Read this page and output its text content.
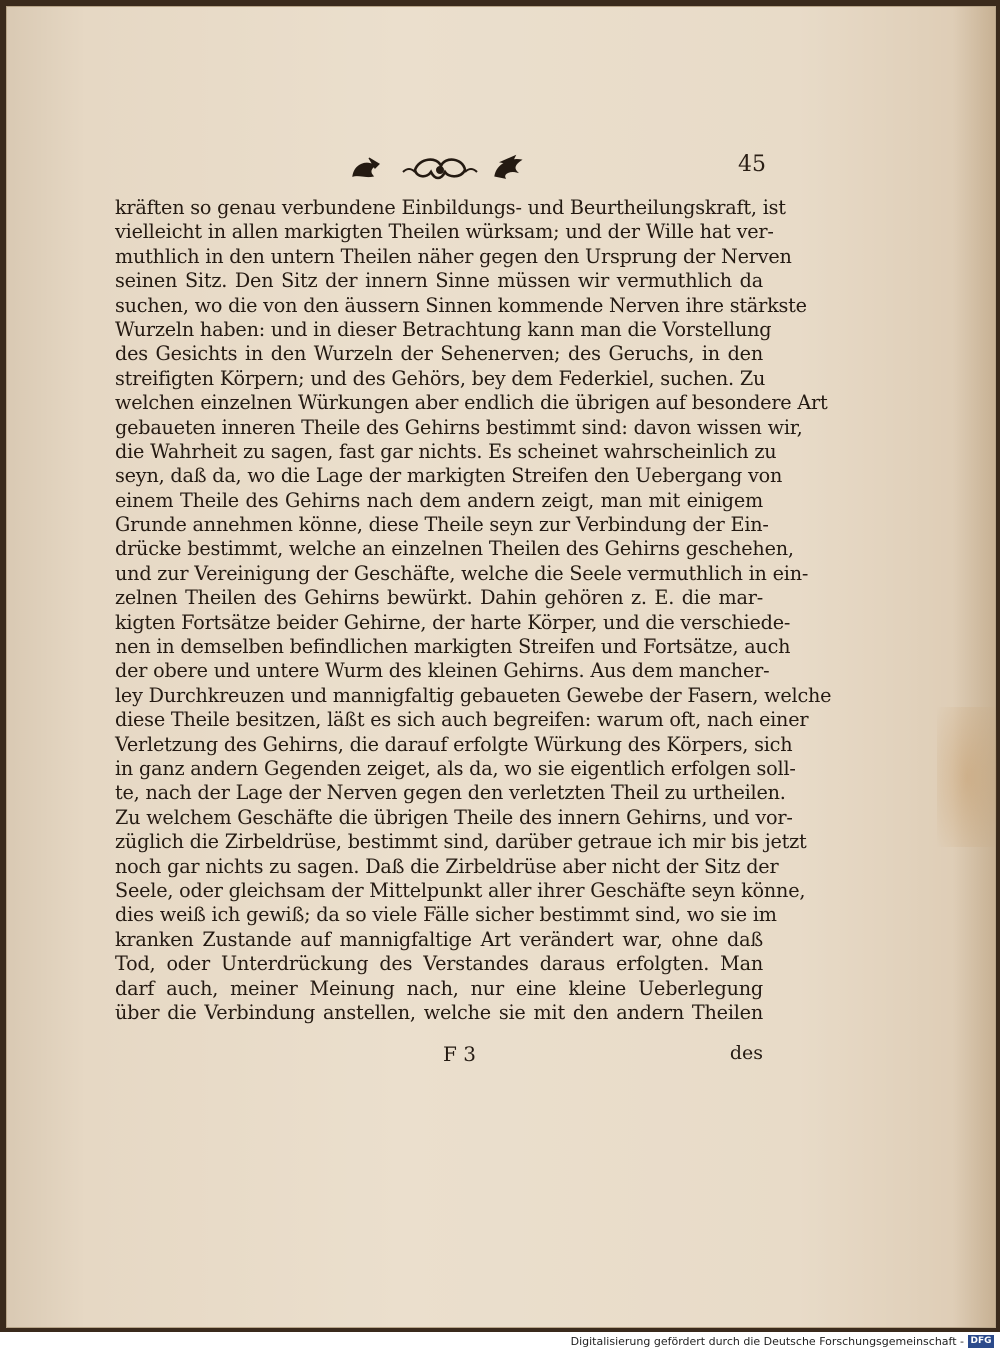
45
kräften so genau verbundene Einbildungs- und Beurtheilungskraft, ist
vielleicht in allen markigten Theilen würksam; und der Wille hat ver-
muthlich in den untern Theilen näher gegen den Ursprung der Nerven
seinen Sitz. Den Sitz der innern Sinne müssen wir vermuthlich da
suchen, wo die von den äussern Sinnen kommende Nerven ihre stärkste
Wurzeln haben: und in dieser Betrachtung kann man die Vorstellung
des Gesichts in den Wurzeln der Sehenerven; des Geruchs, in den
streifigten Körpern; und des Gehörs, bey dem Federkiel, suchen. Zu
welchen einzelnen Würkungen aber endlich die übrigen auf besondere Art
gebaueten inneren Theile des Gehirns bestimmt sind: davon wissen wir,
die Wahrheit zu sagen, fast gar nichts. Es scheinet wahrscheinlich zu
seyn, daß da, wo die Lage der markigten Streifen den Uebergang von
einem Theile des Gehirns nach dem andern zeigt, man mit einigem
Grunde annehmen könne, diese Theile seyn zur Verbindung der Ein-
drücke bestimmt, welche an einzelnen Theilen des Gehirns geschehen,
und zur Vereinigung der Geschäfte, welche die Seele vermuthlich in ein-
zelnen Theilen des Gehirns bewürkt. Dahin gehören z. E. die mar-
kigten Fortsätze beider Gehirne, der harte Körper, und die verschiede-
nen in demselben befindlichen markigten Streifen und Fortsätze, auch
der obere und untere Wurm des kleinen Gehirns. Aus dem mancher-
ley Durchkreuzen und mannigfaltig gebaueten Gewebe der Fasern, welche
diese Theile besitzen, läßt es sich auch begreifen: warum oft, nach einer
Verletzung des Gehirns, die darauf erfolgte Würkung des Körpers, sich
in ganz andern Gegenden zeiget, als da, wo sie eigentlich erfolgen soll-
te, nach der Lage der Nerven gegen den verletzten Theil zu urtheilen.
Zu welchem Geschäfte die übrigen Theile des innern Gehirns, und vor-
züglich die Zirbeldrüse, bestimmt sind, darüber getraue ich mir bis jetzt
noch gar nichts zu sagen. Daß die Zirbeldrüse aber nicht der Sitz der
Seele, oder gleichsam der Mittelpunkt aller ihrer Geschäfte seyn könne,
dies weiß ich gewiß; da so viele Fälle sicher bestimmt sind, wo sie im
kranken Zustande auf mannigfaltige Art verändert war, ohne daß
Tod, oder Unterdrückung des Verstandes daraus erfolgten. Man
darf auch, meiner Meinung nach, nur eine kleine Ueberlegung
über die Verbindung anstellen, welche sie mit den andern Theilen
F 3	des
Digitalisierung gefördert durch die Deutsche Forschungsgemeinschaft - DFG
